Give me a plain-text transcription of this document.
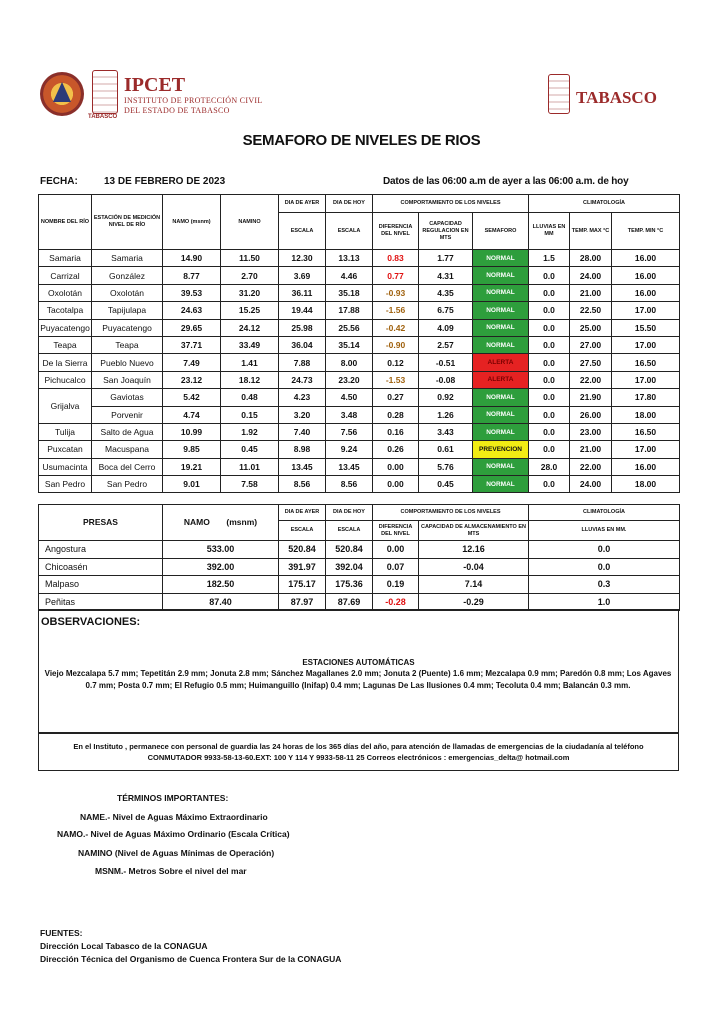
TABASCO
IPCET
INSTITUTO DE PROTECCIÓN CIVIL
DEL ESTADO DE TABASCO
TABASCO
SEMAFORO DE NIVELES DE RIOS
FECHA:	13 DE FEBRERO DE 2023	Datos de las 06:00 a.m de ayer a las 06:00 a.m. de hoy
NOMBRE DEL RÍO	ESTACIÓN DE MEDICIÓN NIVEL DE RÍO	NAMO (msnm)	NAMINO	DIA DE AYER	DIA DE HOY	COMPORTAMIENTO DE LOS NIVELES			CLIMATOLOGÍA		
				ESCALA	ESCALA	DIFERENCIA DEL NIVEL	CAPACIDAD REGULACION EN MTS	SEMAFORO	LLUVIAS EN MM	TEMP. MAX °C	TEMP. MIN °C
Samaria	Samaria	14.90	11.50	12.30	13.13	0.83	1.77	NORMAL	1.5	28.00	16.00
Carrizal	González	8.77	2.70	3.69	4.46	0.77	4.31	NORMAL	0.0	24.00	16.00
Oxolotán	Oxolotán	39.53	31.20	36.11	35.18	-0.93	4.35	NORMAL	0.0	21.00	16.00
Tacotalpa	Tapijulapa	24.63	15.25	19.44	17.88	-1.56	6.75	NORMAL	0.0	22.50	17.00
Puyacatengo	Puyacatengo	29.65	24.12	25.98	25.56	-0.42	4.09	NORMAL	0.0	25.00	15.50
Teapa	Teapa	37.71	33.49	36.04	35.14	-0.90	2.57	NORMAL	0.0	27.00	17.00
De la Sierra	Pueblo Nuevo	7.49	1.41	7.88	8.00	0.12	-0.51	ALERTA	0.0	27.50	16.50
Pichucalco	San Joaquín	23.12	18.12	24.73	23.20	-1.53	-0.08	ALERTA	0.0	22.00	17.00
Grijalva	Gaviotas	5.42	0.48	4.23	4.50	0.27	0.92	NORMAL	0.0	21.90	17.80
	Porvenir	4.74	0.15	3.20	3.48	0.28	1.26	NORMAL	0.0	26.00	18.00
Tulija	Salto de Agua	10.99	1.92	7.40	7.56	0.16	3.43	NORMAL	0.0	23.00	16.50
Puxcatan	Macuspana	9.85	0.45	8.98	9.24	0.26	0.61	PREVENCION	0.0	21.00	17.00
Usumacinta	Boca del Cerro	19.21	11.01	13.45	13.45	0.00	5.76	NORMAL	28.0	22.00	16.00
San Pedro	San Pedro	9.01	7.58	8.56	8.56	0.00	0.45	NORMAL	0.0	24.00	18.00
PRESAS	NAMO (msnm)	DIA DE AYER	DIA DE HOY	COMPORTAMIENTO DE LOS NIVELES		CLIMATOLOGÍA
		ESCALA	ESCALA	DIFERENCIA DEL NIVEL	CAPACIDAD DE ALMACENAMIENTO EN MTS	LLUVIAS EN MM.
Angostura	533.00	520.84	520.84	0.00	12.16	0.0
Chicoasén	392.00	391.97	392.04	0.07	-0.04	0.0
Malpaso	182.50	175.17	175.36	0.19	7.14	0.3
Peñitas	87.40	87.97	87.69	-0.28	-0.29	1.0
OBSERVACIONES:
ESTACIONES AUTOMÁTICAS
Viejo Mezcalapa 5.7 mm; Tepetitán 2.9 mm; Jonuta 2.8 mm; Sánchez Magallanes 2.0 mm; Jonuta 2 (Puente) 1.6 mm; Mezcalapa 0.9 mm; Paredón 0.8 mm; Los Agaves 0.7 mm; Posta 0.7 mm; El Refugio 0.5 mm; Huimanguillo (Inifap) 0.4 mm; Lagunas De Las Ilusiones 0.4 mm; Tecoluta 0.4 mm; Balancán 0.3 mm.
En el Instituto , permanece con personal de guardia las 24 horas de los 365 días del año, para atención de llamadas de emergencias de la ciudadanía al teléfono
CONMUTADOR 9933-58-13-60.EXT: 100 Y 114 Y 9933-58-11 25 Correos electrónicos : emergencias_delta@ hotmail.com
TÉRMINOS IMPORTANTES:
NAME.- Nivel de Aguas Máximo Extraordinario
NAMO.- Nivel de Aguas Máximo Ordinario (Escala Crítica)
NAMINO (Nivel de Aguas Mínimas de Operación)
MSNM.- Metros Sobre el nivel del mar
FUENTES:
Dirección Local Tabasco de la CONAGUA
Dirección Técnica del Organismo de Cuenca Frontera Sur de la CONAGUA
